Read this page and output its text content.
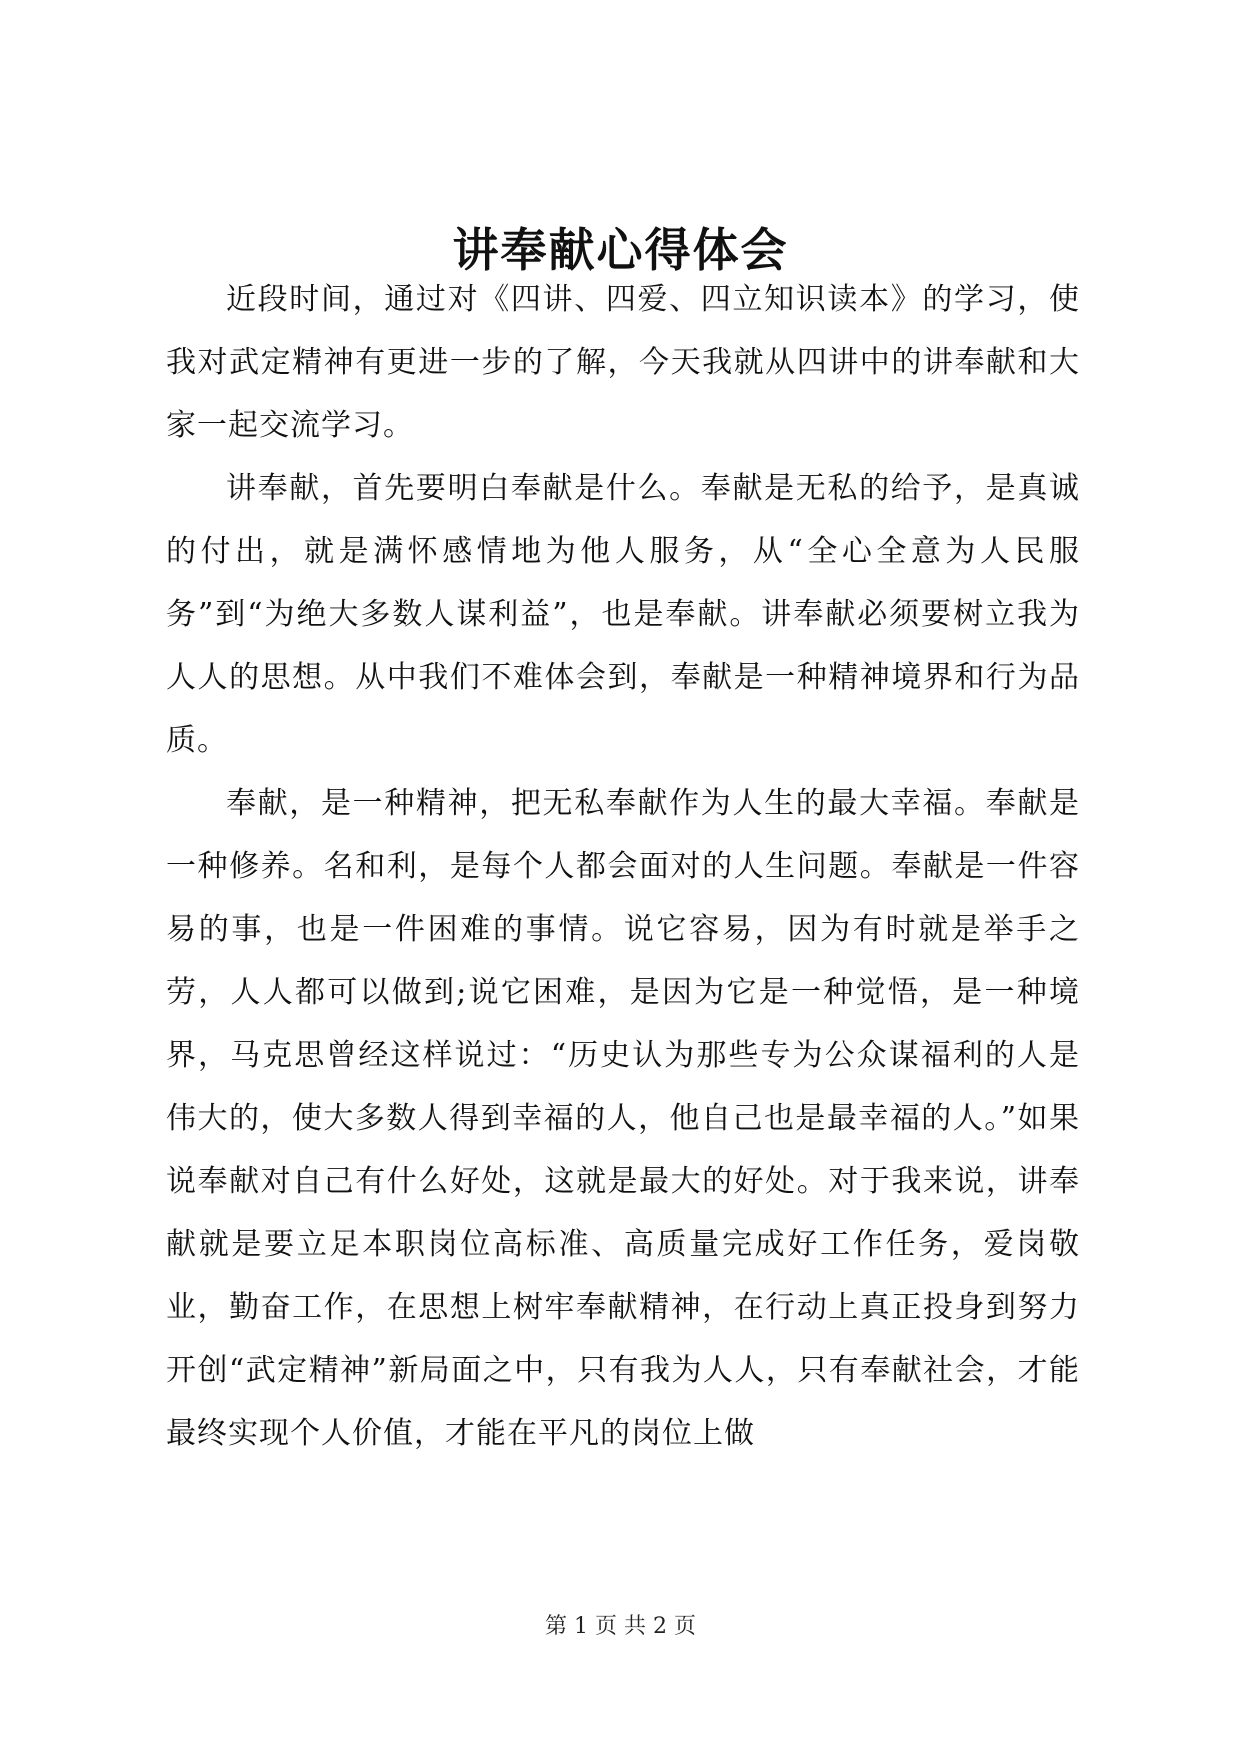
讲奉献心得体会

近段时间，通过对《四讲、四爱、四立知识读本》的学习，使我对武定精神有更进一步的了解，今天我就从四讲中的讲奉献和大家一起交流学习。

讲奉献，首先要明白奉献是什么。奉献是无私的给予，是真诚的付出，就是满怀感情地为他人服务，从“全心全意为人民服务”到“为绝大多数人谋利益”，也是奉献。讲奉献必须要树立我为人人的思想。从中我们不难体会到，奉献是一种精神境界和行为品质。

奉献，是一种精神，把无私奉献作为人生的最大幸福。奉献是一种修养。名和利，是每个人都会面对的人生问题。奉献是一件容易的事，也是一件困难的事情。说它容易，因为有时就是举手之劳，人人都可以做到;说它困难，是因为它是一种觉悟，是一种境界，马克思曾经这样说过：“历史认为那些专为公众谋福利的人是伟大的，使大多数人得到幸福的人，他自己也是最幸福的人。”如果说奉献对自己有什么好处，这就是最大的好处。对于我来说，讲奉献就是要立足本职岗位高标准、高质量完成好工作任务，爱岗敬业，勤奋工作，在思想上树牢奉献精神，在行动上真正投身到努力开创“武定精神”新局面之中，只有我为人人，只有奉献社会，才能最终实现个人价值，才能在平凡的岗位上做

第 1 页 共 2 页
